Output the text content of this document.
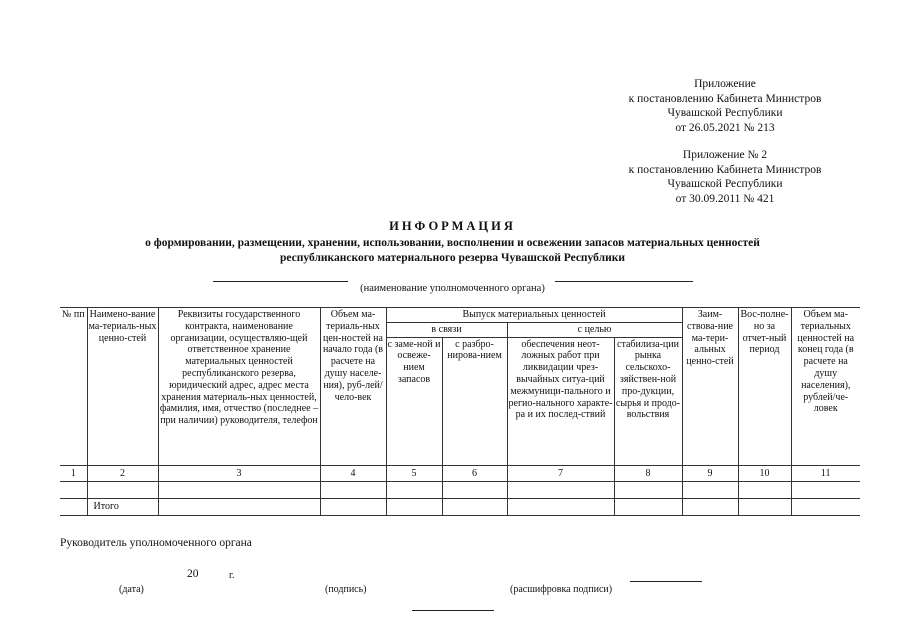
Приложение
к постановлению Кабинета Министров
Чувашской Республики
от 26.05.2021 № 213
Приложение № 2
к постановлению Кабинета Министров
Чувашской Республики
от 30.09.2011 № 421
ИНФОРМАЦИЯ
о формировании, размещении, хранении, использовании, восполнении и освежении запасов материальных ценностей
республиканского материального резерва Чувашской Республики
(наименование уполномоченного органа)
№ пп	Наимено-вание ма-териаль-ных ценно-стей	Реквизиты государственного контракта, наименование организации, осуществляю-щей ответственное хранение материальных ценностей республиканского резерва, юридический адрес, адрес места хранения материаль-ных ценностей, фамилия, имя, отчество (последнее – при наличии) руководителя, телефон	Объем ма-териаль-ных цен-ностей на начало года (в расчете на душу населе-ния), руб-лей/чело-век	Выпуск материальных ценностей				Заим-ствова-ние ма-тери-альных ценно-стей	Вос-полне-но за отчет-ный период	Объем ма-териальных ценностей на конец года (в расчете на душу населения), рублей/че-ловек
				в связи		с целью				
				с заме-ной и освеже-нием запасов	с разбро-нирова-нием	обеспечения неот-ложных работ при ликвидации чрез-вычайных ситуа-ций межмуници-пального и регио-нального характе-ра и их послед-ствий	стабилиза-ции рынка сельскохо-зяйствен-ной про-дукции, сырья и продо-вольствия			
1	2	3	4	5	6	7	8	9	10	11

	Итого									
Руководитель уполномоченного органа
20	г.
(дата)	(подпись)	(расшифровка подписи)
